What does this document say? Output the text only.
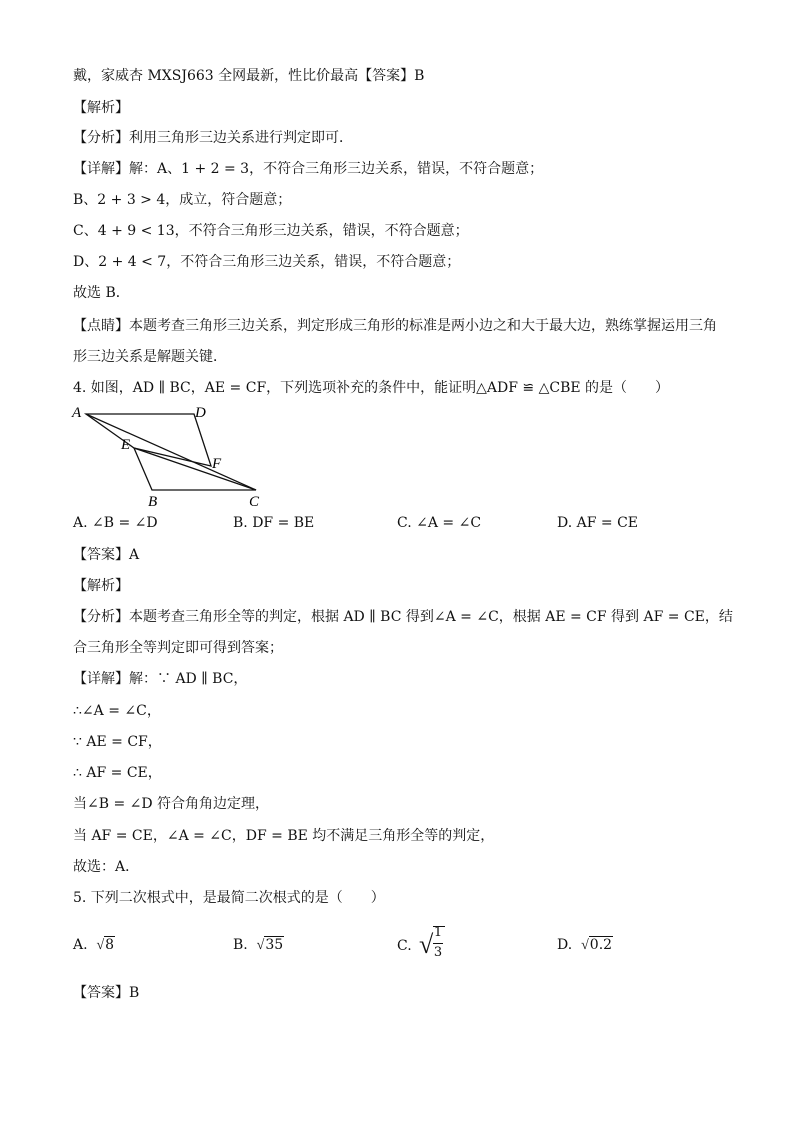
戴，家威杏 MXSJ663 全网最新，性比价最高【答案】B
【解析】
【分析】利用三角形三边关系进行判定即可．
【详解】解：A、1 + 2 = 3，不符合三角形三边关系，错误，不符合题意；
B、2 + 3 > 4，成立，符合题意；
C、4 + 9 < 13，不符合三角形三边关系，错误，不符合题意；
D、2 + 4 < 7，不符合三角形三边关系，错误，不符合题意；
故选 B．
【点睛】本题考查三角形三边关系，判定形成三角形的标准是两小边之和大于最大边，熟练掌握运用三角
形三边关系是解题关键．
4. 如图，AD ∥ BC，AE = CF，下列选项补充的条件中，能证明△ADF ≌ △CBE 的是（　　）
A	D
E
F
B	C
A. ∠B = ∠D	B. DF = BE	C. ∠A = ∠C	D. AF = CE
【答案】A
【解析】
【分析】本题考查三角形全等的判定，根据 AD ∥ BC 得到∠A = ∠C，根据 AE = CF 得到 AF = CE，结
合三角形全等判定即可得到答案；
【详解】解：∵ AD ∥ BC，
∴∠A = ∠C，
∵ AE = CF，
∴ AF = CE，
当∠B = ∠D 符合角角边定理，
当 AF = CE，∠A = ∠C，DF = BE 均不满足三角形全等的判定，
故选：A．
5. 下列二次根式中，是最简二次根式的是（　　）
A. √8	B. √35	C. √ 1
3	D. √0.2
【答案】B
